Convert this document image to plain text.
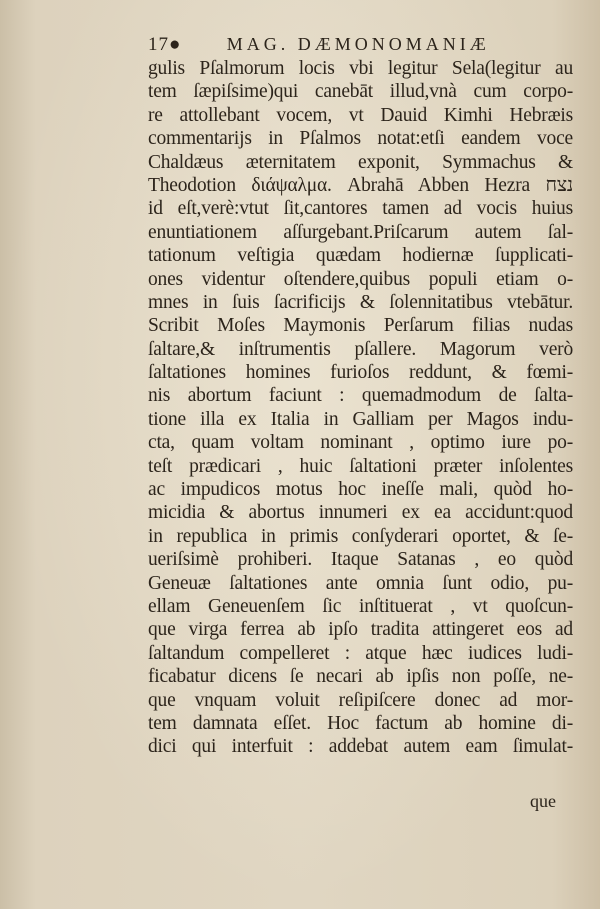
17●	MAG. DÆMONOMANIÆ
gulis Pſalmorum locis vbi legitur Sela(legitur au
tem ſæpiſsime)qui canebāt illud,vnà cum corpo-
re attollebant vocem, vt Dauid Kimhi Hebræis
commentarijs in Pſalmos notat:etſi eandem voce
Chaldæus æternitatem exponit, Symmachus &
Theodotion διάψαλμα. Abrahā Abben Hezra נצח
id eſt,verè:vtut ſit,cantores tamen ad vocis huius
enuntiationem aſſurgebant.Priſcarum autem ſal-
tationum veſtigia quædam hodiernæ ſupplicati-
ones videntur oſtendere,quibus populi etiam o-
mnes in ſuis ſacrificijs & ſolennitatibus vtebātur.
Scribit Moſes Maymonis Perſarum filias nudas
ſaltare,& inſtrumentis pſallere. Magorum verò
ſaltationes homines furioſos reddunt, & fœmi-
nis abortum faciunt : quemadmodum de ſalta-
tione illa ex Italia in Galliam per Magos indu-
cta, quam voltam nominant , optimo iure po-
teſt prædicari , huic ſaltationi præter inſolentes
ac impudicos motus hoc ineſſe mali, quòd ho-
micidia & abortus innumeri ex ea accidunt:quod
in republica in primis conſyderari oportet, & ſe-
ueriſsimè prohiberi. Itaque Satanas , eo quòd
Geneuæ ſaltationes ante omnia ſunt odio, pu-
ellam Geneuenſem ſic inſtituerat , vt quoſcun-
que virga ferrea ab ipſo tradita attingeret eos ad
ſaltandum compelleret : atque hæc iudices ludi-
ficabatur dicens ſe necari ab ipſis non poſſe, ne-
que vnquam voluit reſipiſcere donec ad mor-
tem damnata eſſet. Hoc factum ab homine di-
dici qui interfuit : addebat autem eam ſimulat-
que
